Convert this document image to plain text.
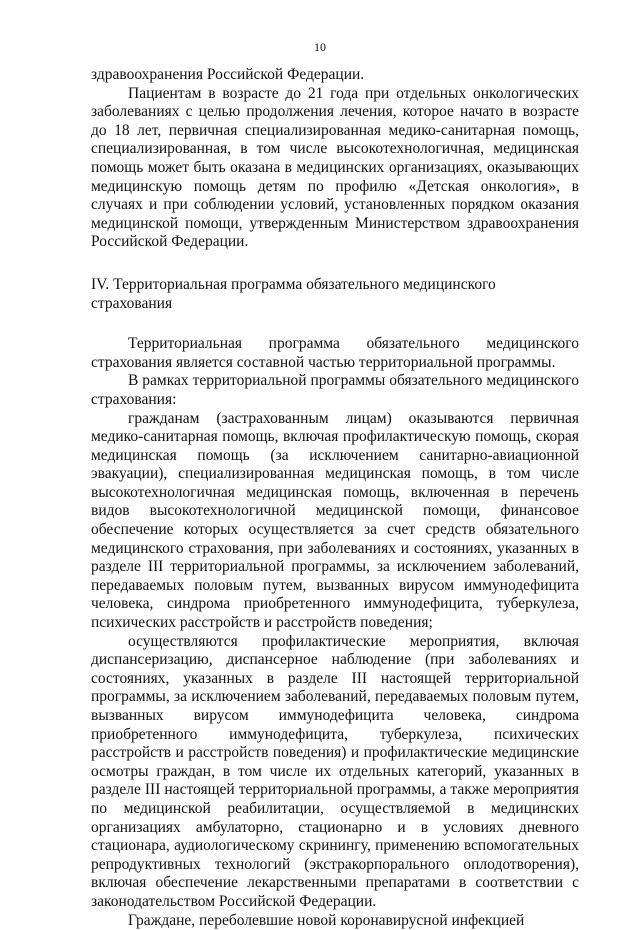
10

здравоохранения Российской Федерации.

Пациентам в возрасте до 21 года при отдельных онкологических заболеваниях с целью продолжения лечения, которое начато в возрасте до 18 лет, первичная специализированная медико-санитарная помощь, специализированная, в том числе высокотехнологичная, медицинская помощь может быть оказана в медицинских организациях, оказывающих медицинскую помощь детям по профилю «Детская онкология», в случаях и при соблюдении условий, установленных порядком оказания медицинской помощи, утвержденным Министерством здравоохранения Российской Федерации.

IV. Территориальная программа обязательного медицинского страхования

Территориальная программа обязательного медицинского страхования является составной частью территориальной программы.

В рамках территориальной программы обязательного медицинского страхования:

гражданам (застрахованным лицам) оказываются первичная медико-санитарная помощь, включая профилактическую помощь, скорая медицинская помощь (за исключением санитарно-авиационной эвакуации), специализированная медицинская помощь, в том числе высокотехнологичная медицинская помощь, включенная в перечень видов высокотехнологичной медицинской помощи, финансовое обеспечение которых осуществляется за счет средств обязательного медицинского страхования, при заболеваниях и состояниях, указанных в разделе III территориальной программы, за исключением заболеваний, передаваемых половым путем, вызванных вирусом иммунодефицита человека, синдрома приобретенного иммунодефицита, туберкулеза, психических расстройств и расстройств поведения;

осуществляются профилактические мероприятия, включая диспансеризацию, диспансерное наблюдение (при заболеваниях и состояниях, указанных в разделе III настоящей территориальной программы, за исключением заболеваний, передаваемых половым путем, вызванных вирусом иммунодефицита человека, синдрома приобретенного иммунодефицита, туберкулеза, психических расстройств и расстройств поведения) и профилактические медицинские осмотры граждан, в том числе их отдельных категорий, указанных в разделе III настоящей территориальной программы, а также мероприятия по медицинской реабилитации, осуществляемой в медицинских организациях амбулаторно, стационарно и в условиях дневного стационара, аудиологическому скринингу, применению вспомогательных репродуктивных технологий (экстракорпорального оплодотворения), включая обеспечение лекарственными препаратами в соответствии с законодательством Российской Федерации.

Граждане, переболевшие новой коронавирусной инфекцией
